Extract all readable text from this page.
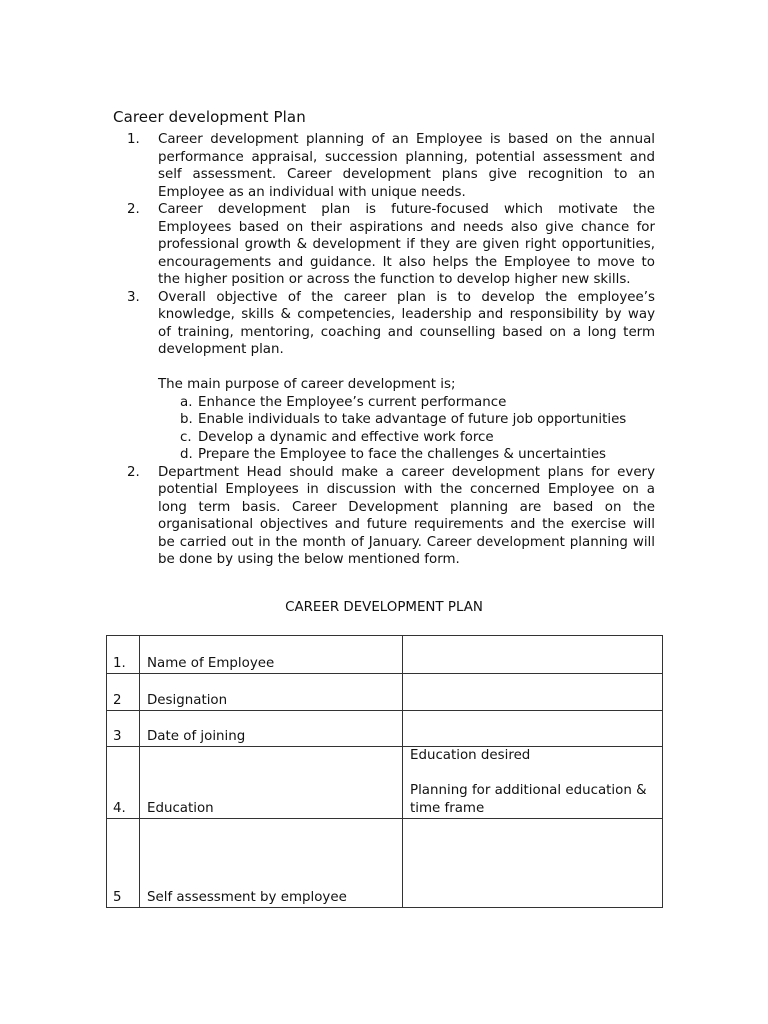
Career development Plan
1.	Career development planning of an Employee is based on the annual performance appraisal, succession planning, potential assessment and self assessment. Career development plans give recognition to an Employee as an individual with unique needs.
2.	Career development plan is future-focused which motivate the Employees based on their aspirations and needs also give chance for professional growth & development if they are given right opportunities, encouragements and guidance. It also helps the Employee to move to the higher position or across the function to develop higher new skills.
3.	Overall objective of the career plan is to develop the employee’s knowledge, skills & competencies, leadership and responsibility by way of training, mentoring, coaching and counselling based on a long term development plan.
The main purpose of career development is;
a. Enhance the Employee’s current performance
b. Enable individuals to take advantage of future job opportunities
c. Develop a dynamic and effective work force
d. Prepare the Employee to face the challenges & uncertainties
2.	Department Head should make a career development plans for every potential Employees in discussion with the concerned Employee on a long term basis. Career Development planning are based on the organisational objectives and future requirements and the exercise will be carried out in the month of January. Career development planning will be done by using the below mentioned form.
CAREER DEVELOPMENT PLAN
1.	Name of Employee	
2	Designation	
3	Date of joining	
4.	Education	Education desired
Planning for additional education & time frame

5	Self assessment by employee	
